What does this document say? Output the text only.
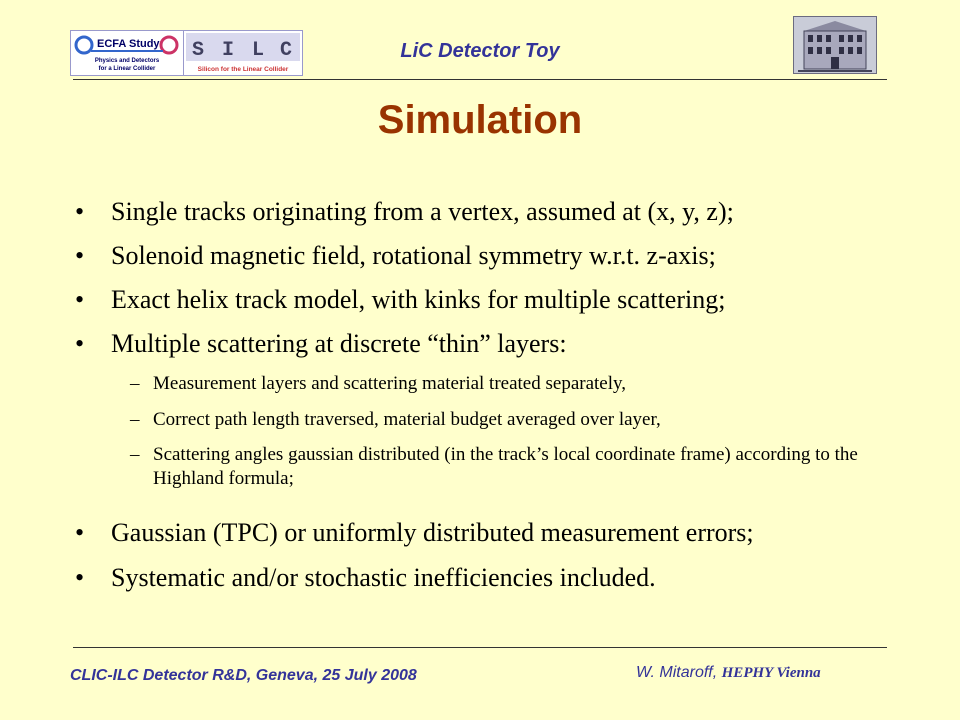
ECFA Study
Physics and Detectors
for a Linear Collider
S I L C
Silicon for the Linear Collider
LiC Detector Toy
Simulation
• Single tracks originating from a vertex, assumed at (x, y, z);
• Solenoid magnetic field, rotational symmetry w.r.t. z-axis;
• Exact helix track model, with kinks for multiple scattering;
• Multiple scattering at discrete “thin” layers:
– Measurement layers and scattering material treated separately,
– Correct path length traversed, material budget averaged over layer,
– Scattering angles gaussian distributed (in the track’s local coordinate frame) according to the Highland formula;
• Gaussian (TPC) or uniformly distributed measurement errors;
• Systematic and/or stochastic inefficiencies included.
CLIC-ILC Detector R&D, Geneva, 25 July 2008	W. Mitaroff, HEPHY Vienna
